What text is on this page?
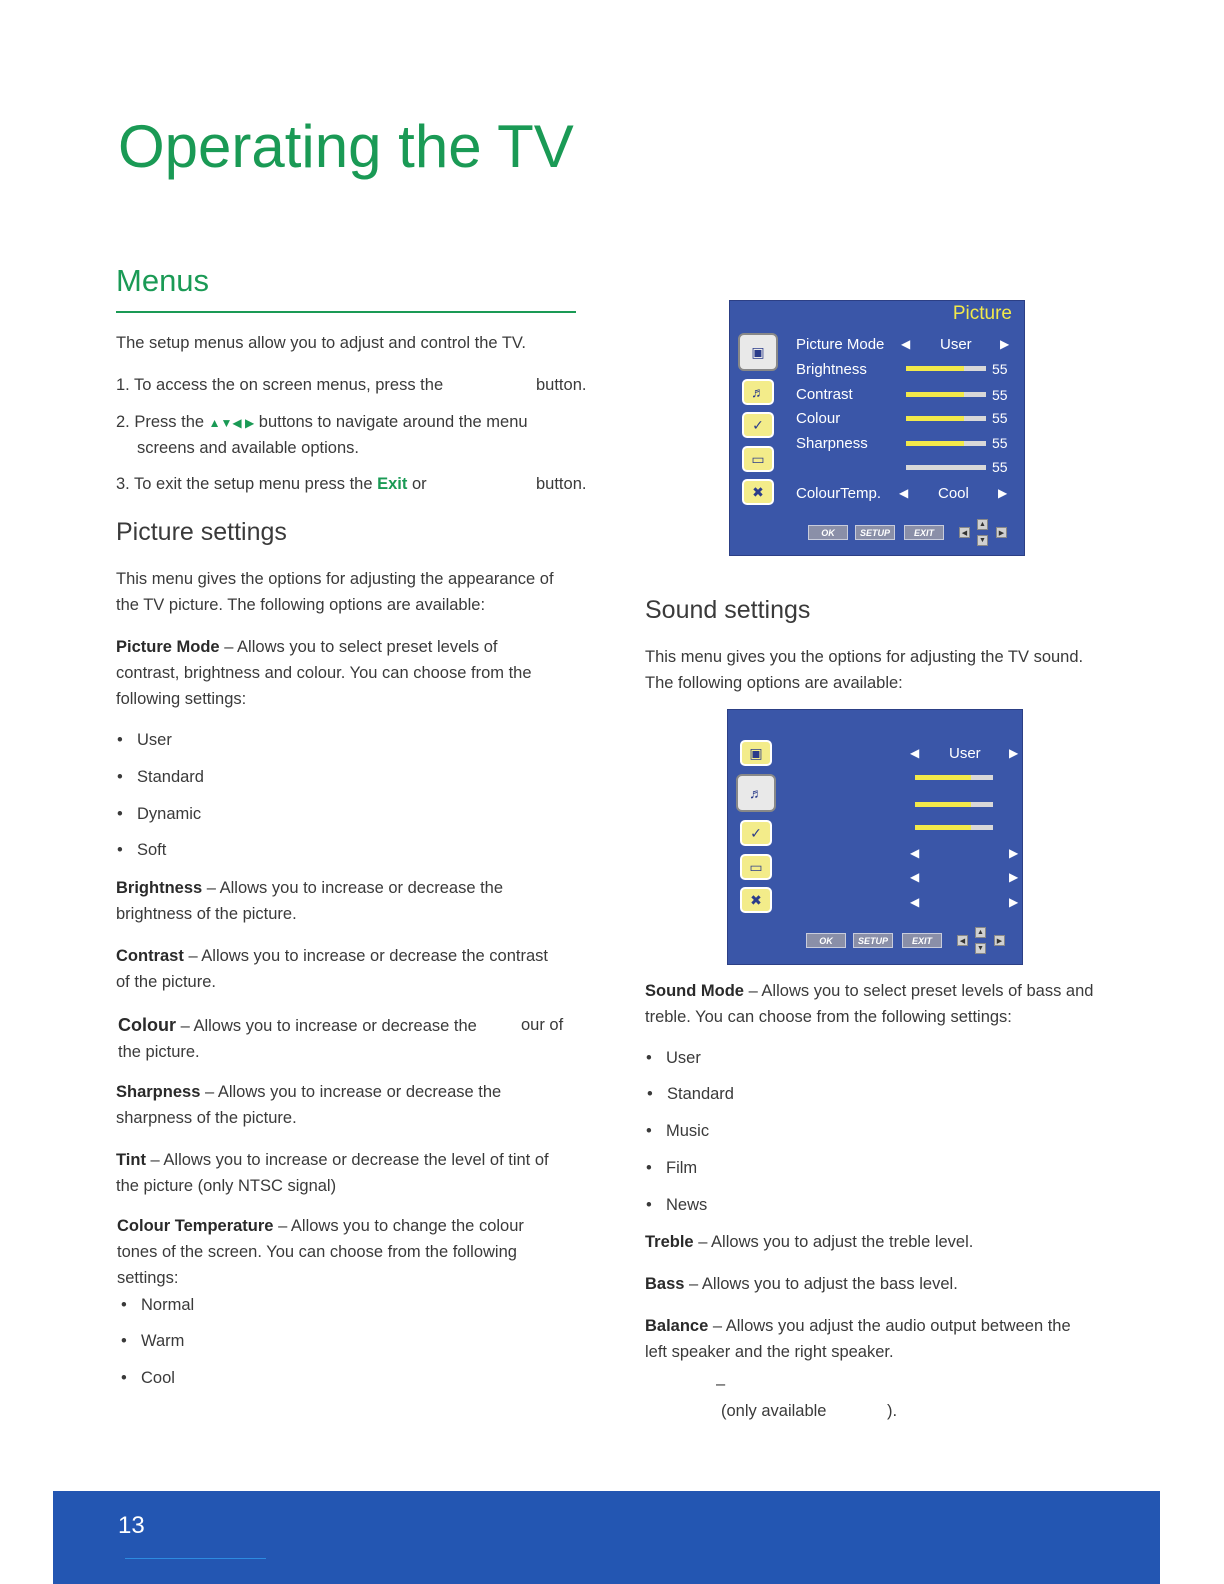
Operating the TV
Menus
The setup menus allow you to adjust and control the TV.
1. To access the on screen menus, press the	button.
2. Press the ▲▼◀ ▶ buttons to navigate around the menu
screens and available options.
3. To exit the setup menu press the Exit or	button.
Picture settings
This menu gives the options for adjusting the appearance of
the TV picture. The following options are available:
Picture Mode – Allows you to select preset levels of
contrast, brightness and colour. You can choose from the
following settings:
• User
• Standard
• Dynamic
• Soft
Brightness – Allows you to increase or decrease the
brightness of the picture.
Contrast – Allows you to increase or decrease the contrast
of the picture.
Colour – Allows you to increase or decrease the	our of
the picture.
Sharpness – Allows you to increase or decrease the
sharpness of the picture.
Tint – Allows you to increase or decrease the level of tint of
the picture (only NTSC signal)
Colour Temperature – Allows you to change the colour
tones of the screen. You can choose from the following
settings:
• Normal
• Warm
• Cool
Picture
▣
♬
✓
▭
✖
Picture Mode ◀ User ▶
Brightness	55
Contrast	55
Colour	55
Sharpness	55
55
ColourTemp. ◀ Cool ▶
OK	SETUP	EXIT	◀
▲
▼
▶
Sound settings
This menu gives you the options for adjusting the TV sound.
The following options are available:
▣
♬
✓
▭
✖
◀ User ▶
◀	▶
◀	▶
◀	▶
OK	SETUP	EXIT	◀
▲
▼
▶
Sound Mode – Allows you to select preset levels of bass and
treble. You can choose from the following settings:
• User
• Standard
• Music
• Film
• News
Treble – Allows you to adjust the treble level.
Bass – Allows you to adjust the bass level.
Balance – Allows you adjust the audio output between the
left speaker and the right speaker.
–
(only available	).
13
